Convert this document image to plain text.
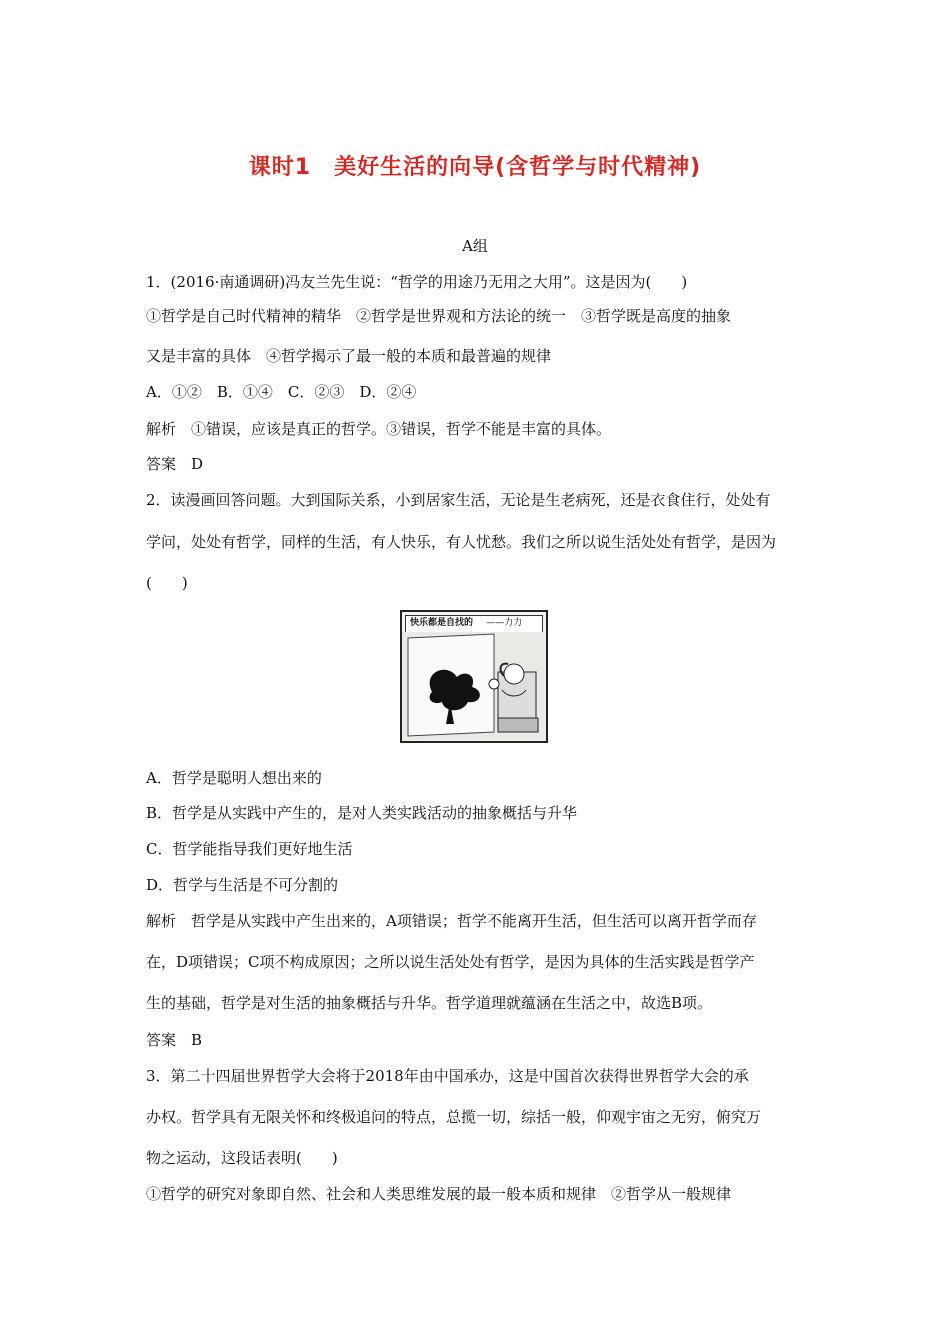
课时1　美好生活的向导(含哲学与时代精神)
A组
1．(2016·南通调研)冯友兰先生说：“哲学的用途乃无用之大用”。这是因为(　　)
①哲学是自己时代精神的精华　②哲学是世界观和方法论的统一　③哲学既是高度的抽象
又是丰富的具体　④哲学揭示了最一般的本质和最普遍的规律
A．①②　B．①④　C．②③　D．②④
解析　①错误，应该是真正的哲学。③错误，哲学不能是丰富的具体。
答案　D
2．读漫画回答问题。大到国际关系，小到居家生活，无论是生老病死，还是衣食住行，处处有
学问，处处有哲学，同样的生活，有人快乐，有人忧愁。我们之所以说生活处处有哲学，是因为
(　　)
快乐都是自找的 ——力力
A．哲学是聪明人想出来的
B．哲学是从实践中产生的，是对人类实践活动的抽象概括与升华
C．哲学能指导我们更好地生活
D．哲学与生活是不可分割的
解析　哲学是从实践中产生出来的，A项错误；哲学不能离开生活，但生活可以离开哲学而存
在，D项错误；C项不构成原因；之所以说生活处处有哲学，是因为具体的生活实践是哲学产
生的基础，哲学是对生活的抽象概括与升华。哲学道理就蕴涵在生活之中，故选B项。
答案　B
3．第二十四届世界哲学大会将于2018年由中国承办，这是中国首次获得世界哲学大会的承
办权。哲学具有无限关怀和终极追问的特点，总揽一切，综括一般，仰观宇宙之无穷，俯究万
物之运动，这段话表明(　　)
①哲学的研究对象即自然、社会和人类思维发展的最一般本质和规律　②哲学从一般规律
